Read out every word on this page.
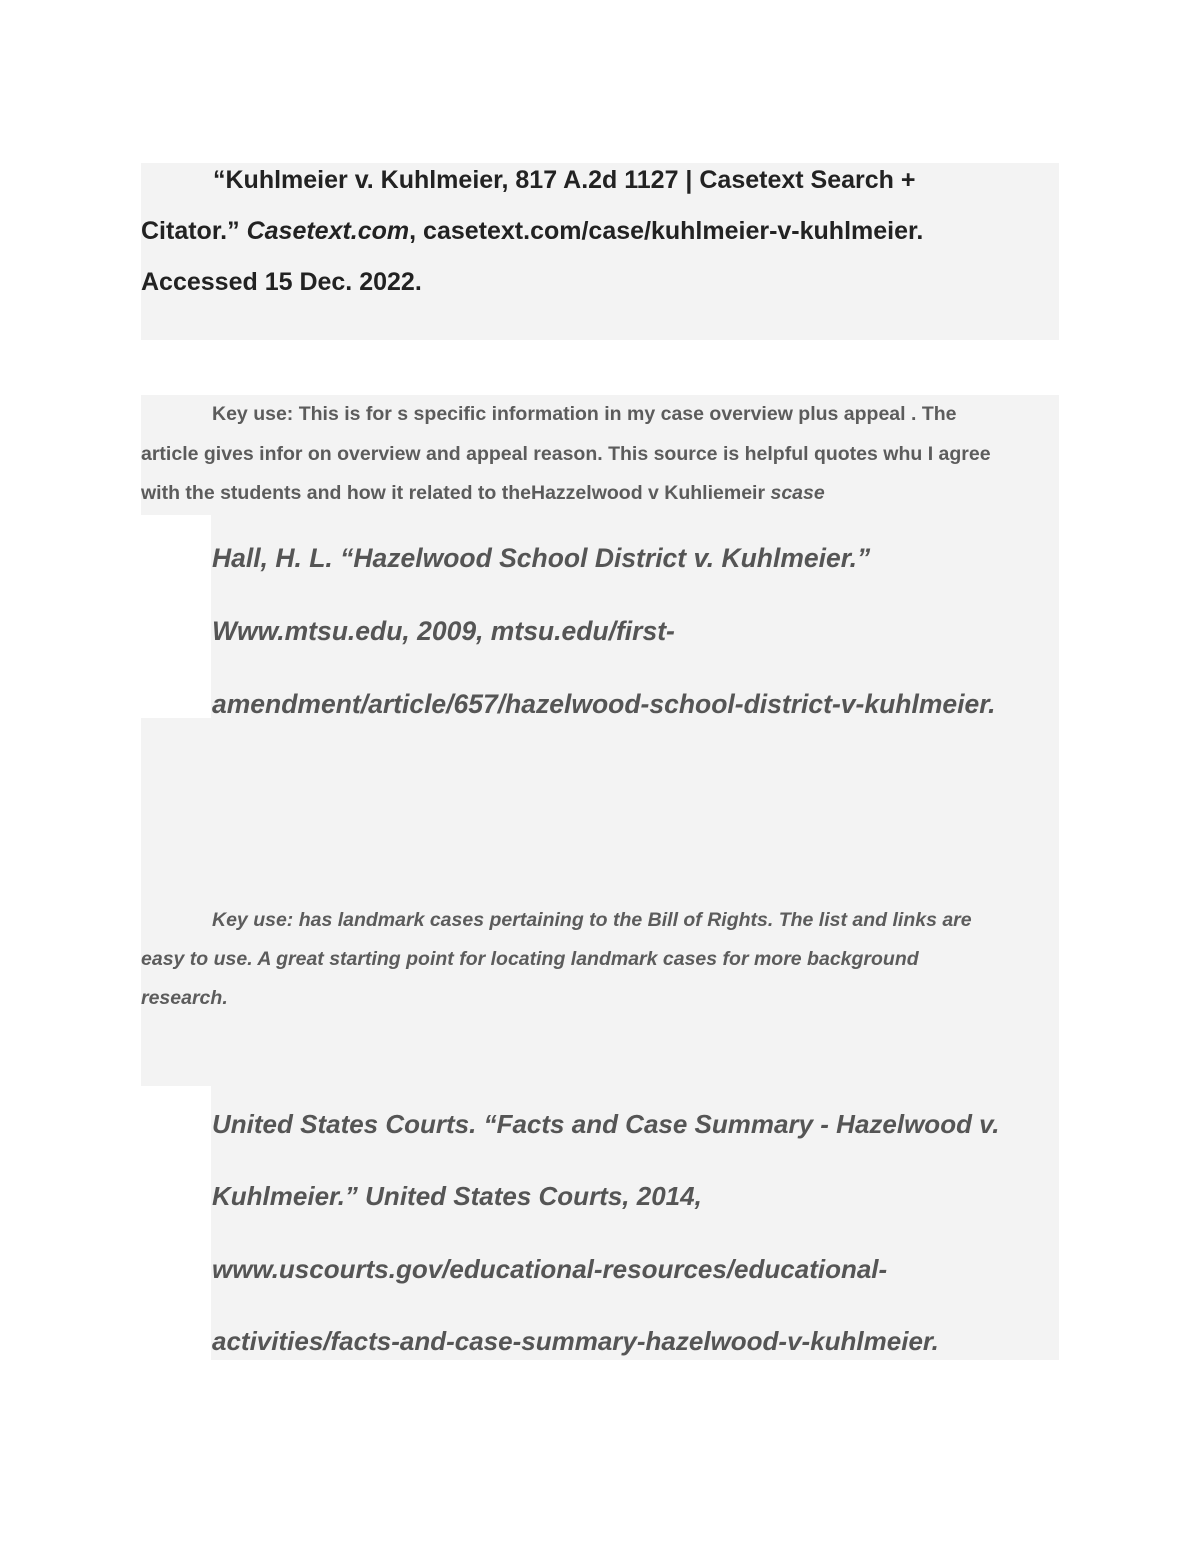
“Kuhlmeier v. Kuhlmeier, 817 A.2d 1127 | Casetext Search +
Citator.” Casetext.com, casetext.com/case/kuhlmeier-v-kuhlmeier.
Accessed 15 Dec. 2022.
Key use: This is for s specific information in my case overview plus appeal . The
article gives infor on overview and appeal reason. This source is helpful quotes whu I agree
with the students and how it related to theHazzelwood v Kuhliemeir scase
Hall, H. L. “Hazelwood School District v. Kuhlmeier.”
Www.mtsu.edu, 2009, mtsu.edu/first-
amendment/article/657/hazelwood-school-district-v-kuhlmeier.
Key use: has landmark cases pertaining to the Bill of Rights. The list and links are
easy to use. A great starting point for locating landmark cases for more background
research.
United States Courts. “Facts and Case Summary - Hazelwood v.
Kuhlmeier.” United States Courts, 2014,
www.uscourts.gov/educational-resources/educational-
activities/facts-and-case-summary-hazelwood-v-kuhlmeier.
